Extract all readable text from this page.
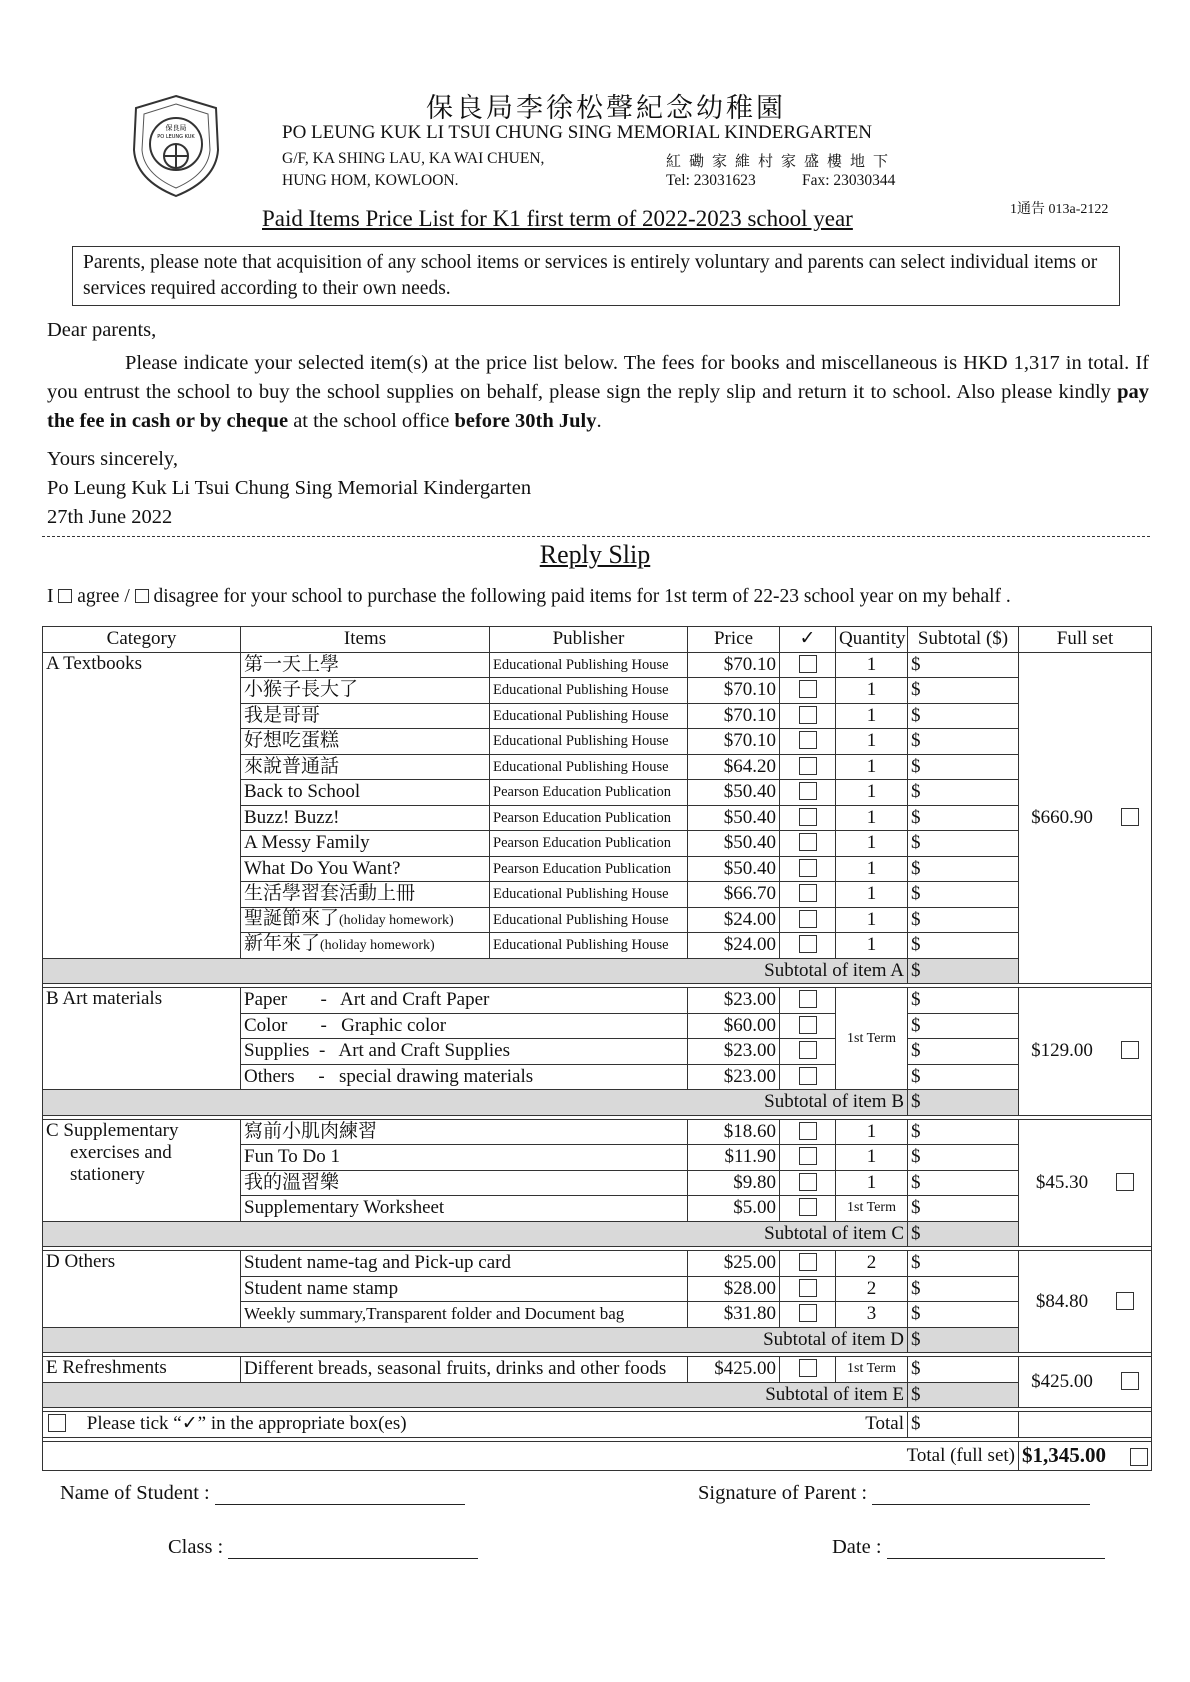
保良局
PO LEUNG KUK
保良局李徐松聲紀念幼稚園
PO LEUNG KUK LI TSUI CHUNG SING MEMORIAL KINDERGARTEN
G/F, KA SHING LAU, KA WAI CHUEN,
HUNG HOM, KOWLOON.
紅磡家維村家盛樓地下
Tel: 23031623	Fax: 23030344
1通告 013a-2122
Paid Items Price List for K1 first term of 2022-2023 school year
Parents, please note that acquisition of any school items or services is entirely voluntary and parents can select individual items or services required according to their own needs.

Dear parents,

Please indicate your selected item(s) at the price list below. The fees for books and miscellaneous is HKD 1,317 in total. If you entrust the school to buy the school supplies on behalf, please sign the reply slip and return it to school. Also please kindly pay the fee in cash or by cheque at the school office before 30th July.

Yours sincerely,

Po Leung Kuk Li Tsui Chung Sing Memorial Kindergarten

27th June 2022

Reply Slip
I agree / disagree for your school to purchase the following paid items for 1st term of 22-23 school year on my behalf .
Category	Items	Publisher	Price	✓	Quantity	Subtotal ($)	Full set
A Textbooks	第一天上學	Educational Publishing House	$70.10		1	$	$660.90
	小猴子長大了	Educational Publishing House	$70.10		1	$	
	我是哥哥	Educational Publishing House	$70.10		1	$	
	好想吃蛋糕	Educational Publishing House	$70.10		1	$	
	來說普通話	Educational Publishing House	$64.20		1	$	
	Back to School	Pearson Education Publication	$50.40		1	$	
	Buzz! Buzz!	Pearson Education Publication	$50.40		1	$	
	A Messy Family	Pearson Education Publication	$50.40		1	$	
	What Do You Want?	Pearson Education Publication	$50.40		1	$	
	生活學習套活動上冊	Educational Publishing House	$66.70		1	$	
	聖誕節來了(holiday homework)	Educational Publishing House	$24.00		1	$	
	新年來了(holiday homework)	Educational Publishing House	$24.00		1	$	
Subtotal of item A						$	

B Art materials	Paper       -   Art and Craft Paper		$23.00		1st Term	$	$129.00
	Color       -   Graphic color		$60.00			$	
	Supplies  -   Art and Craft Supplies		$23.00			$	
	Others     -   special drawing materials		$23.00			$	
Subtotal of item B						$	

C Supplementary
exercises and
stationery	寫前小肌肉練習		$18.60		1	$	$45.30
	Fun To Do 1		$11.90		1	$	
	我的溫習樂		$9.80		1	$	
	Supplementary Worksheet		$5.00		1st Term	$	
Subtotal of item C						$	

D Others	Student name-tag and Pick-up card		$25.00		2	$	$84.80
	Student name stamp		$28.00		2	$	
	Weekly summary,Transparent folder and Document bag		$31.80		3	$	
Subtotal of item D						$	

E Refreshments	Different breads, seasonal fruits, drinks and other foods		$425.00		1st Term	$	$425.00
Subtotal of item E						$	

Please tick “✓” in the appropriate box(es) Total						$	

Total (full set)							$1,345.00
Name of Student :
Class :
Signature of Parent :
Date :
